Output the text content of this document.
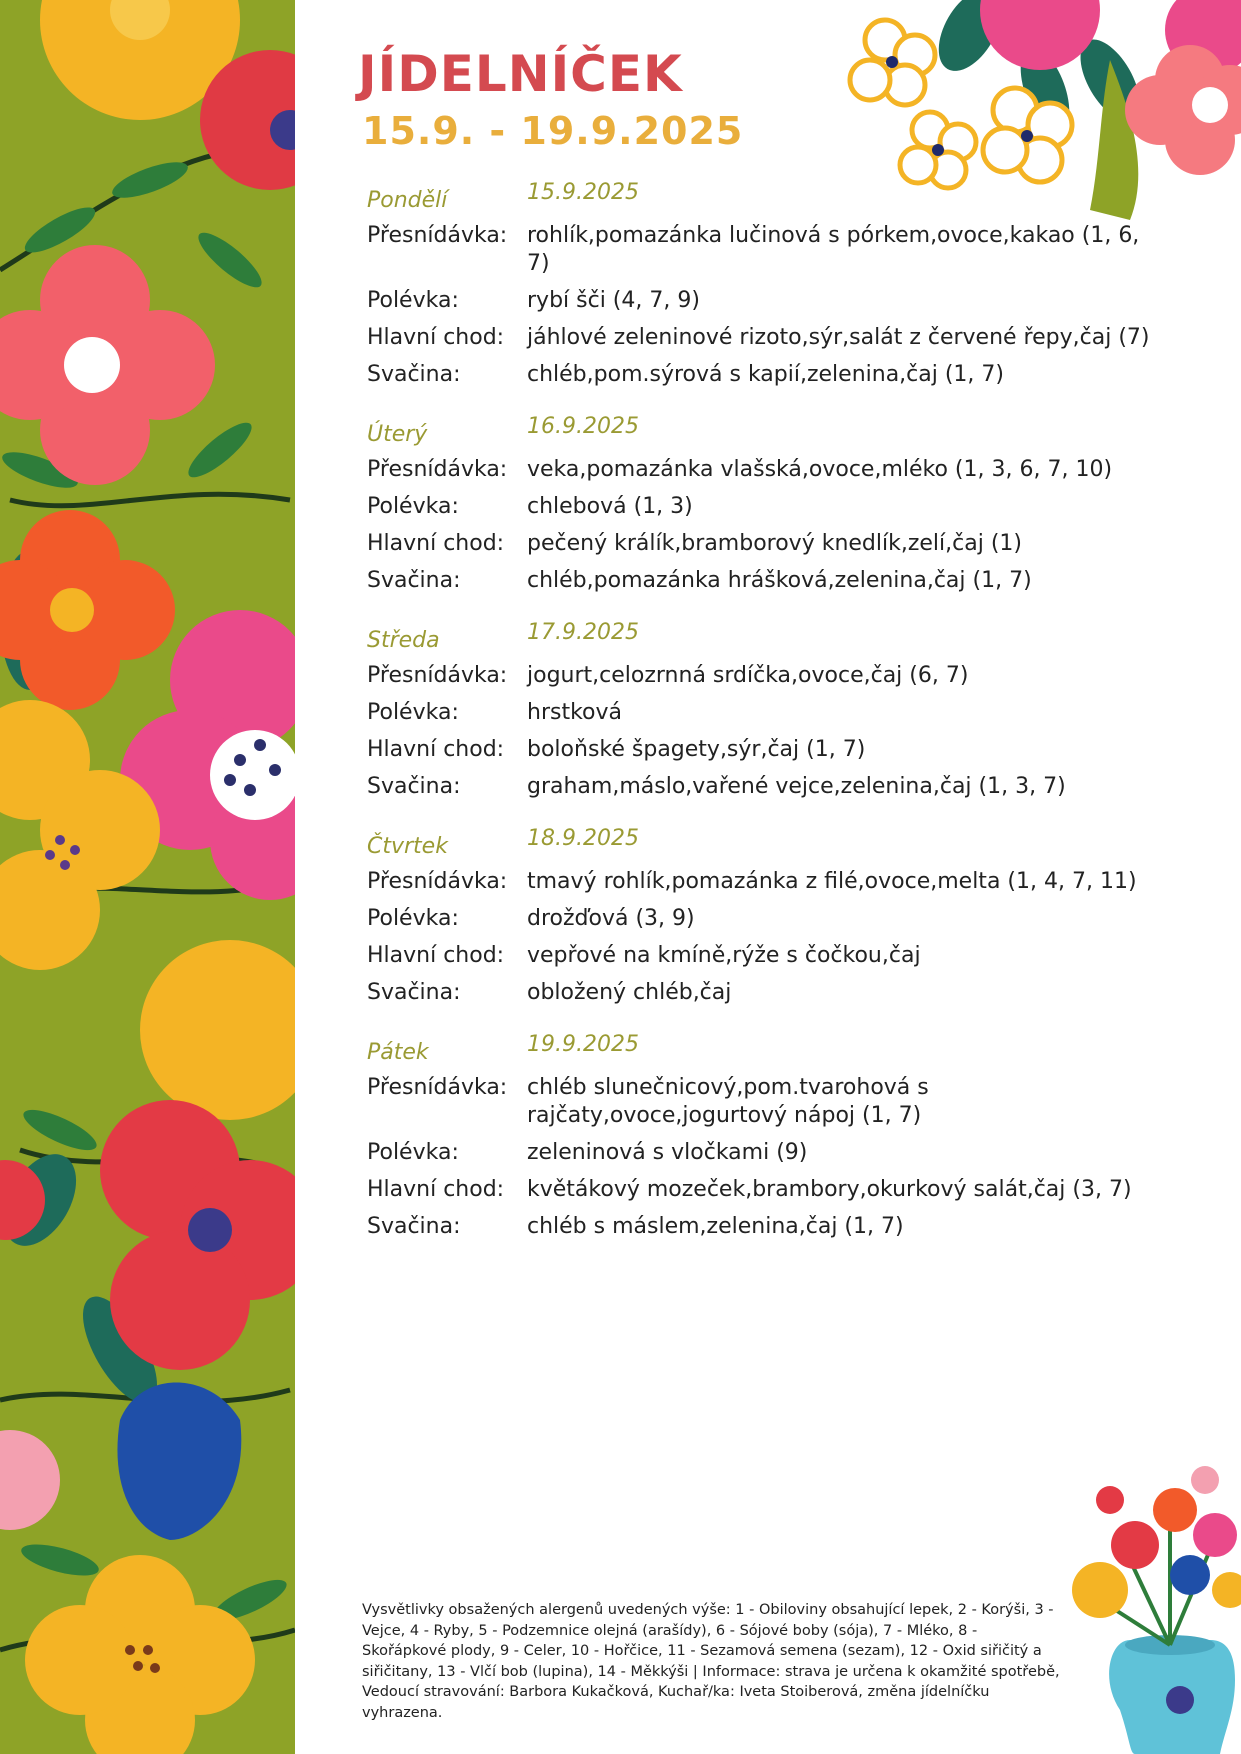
JÍDELNÍČEK
15.9. - 19.9.2025
Pondělí	15.9.2025
Přesnídávka: rohlík,pomazánka lučinová s pórkem,ovoce,kakao (1, 6, 7)
Polévka:	rybí šči (4, 7, 9)
Hlavní chod:	jáhlové zeleninové rizoto,sýr,salát z červené řepy,čaj (7)
Svačina:	chléb,pom.sýrová s kapií,zelenina,čaj (1, 7)
Úterý	16.9.2025
Přesnídávka: veka,pomazánka vlašská,ovoce,mléko (1, 3, 6, 7, 10)
Polévka:	chlebová (1, 3)
Hlavní chod:	pečený králík,bramborový knedlík,zelí,čaj (1)
Svačina:	chléb,pomazánka hrášková,zelenina,čaj (1, 7)
Středa	17.9.2025
Přesnídávka: jogurt,celozrnná srdíčka,ovoce,čaj (6, 7)
Polévka:	hrstková
Hlavní chod:	boloňské špagety,sýr,čaj (1, 7)
Svačina:	graham,máslo,vařené vejce,zelenina,čaj (1, 3, 7)
Čtvrtek	18.9.2025
Přesnídávka: tmavý rohlík,pomazánka z filé,ovoce,melta (1, 4, 7, 11)
Polévka:	drožďová (3, 9)
Hlavní chod:	vepřové na kmíně,rýže s čočkou,čaj
Svačina:	obložený chléb,čaj
Pátek	19.9.2025
Přesnídávka: chléb slunečnicový,pom.tvarohová s rajčaty,ovoce,jogurtový nápoj (1, 7)
Polévka:	zeleninová s vločkami (9)
Hlavní chod:	květákový mozeček,brambory,okurkový salát,čaj (3, 7)
Svačina:	chléb s máslem,zelenina,čaj (1, 7)
Vysvětlivky obsažených alergenů uvedených výše: 1 - Obiloviny obsahující lepek, 2 - Korýši, 3 - Vejce, 4 - Ryby, 5 - Podzemnice olejná (arašídy), 6 - Sójové boby (sója), 7 - Mléko, 8 - Skořápkové plody, 9 - Celer, 10 - Hořčice, 11 - Sezamová semena (sezam), 12 - Oxid siřičitý a siřičitany, 13 - Vlčí bob (lupina), 14 - Měkkýši | Informace: strava je určena k okamžité spotřebě, Vedoucí stravování: Barbora Kukačková, Kuchař/ka: Iveta Stoiberová, změna jídelníčku vyhrazena.
